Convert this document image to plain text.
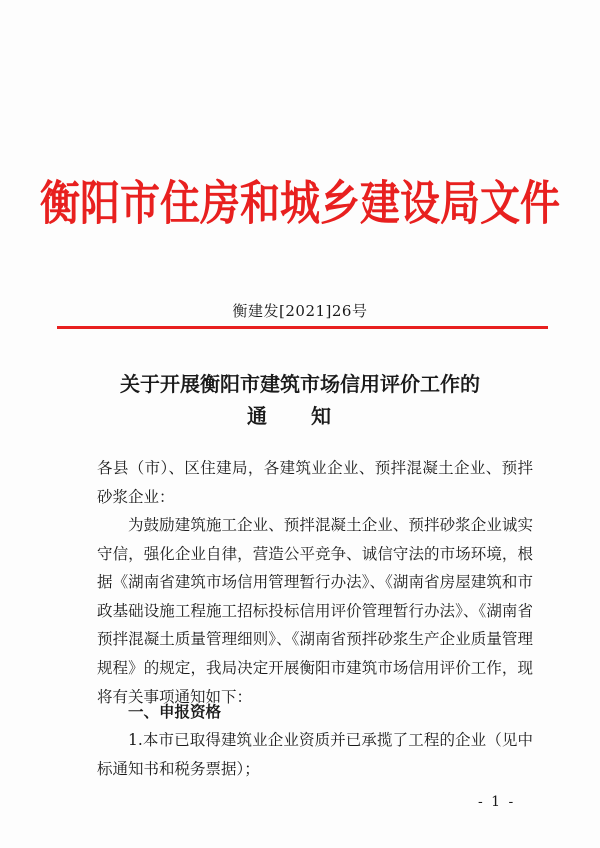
衡阳市住房和城乡建设局文件
衡建发[2021]26号
关于开展衡阳市建筑市场信用评价工作的
通知
各县（市）、区住建局，各建筑业企业、预拌混凝土企业、预拌砂浆企业：
为鼓励建筑施工企业、预拌混凝土企业、预拌砂浆企业诚实守信，强化企业自律，营造公平竞争、诚信守法的市场环境，根据《湖南省建筑市场信用管理暂行办法》、《湖南省房屋建筑和市政基础设施工程施工招标投标信用评价管理暂行办法》、《湖南省预拌混凝土质量管理细则》、《湖南省预拌砂浆生产企业质量管理规程》的规定，我局决定开展衡阳市建筑市场信用评价工作，现将有关事项通知如下：
一、申报资格
1.本市已取得建筑业企业资质并已承揽了工程的企业（见中标通知书和税务票据）；
- 1 -
